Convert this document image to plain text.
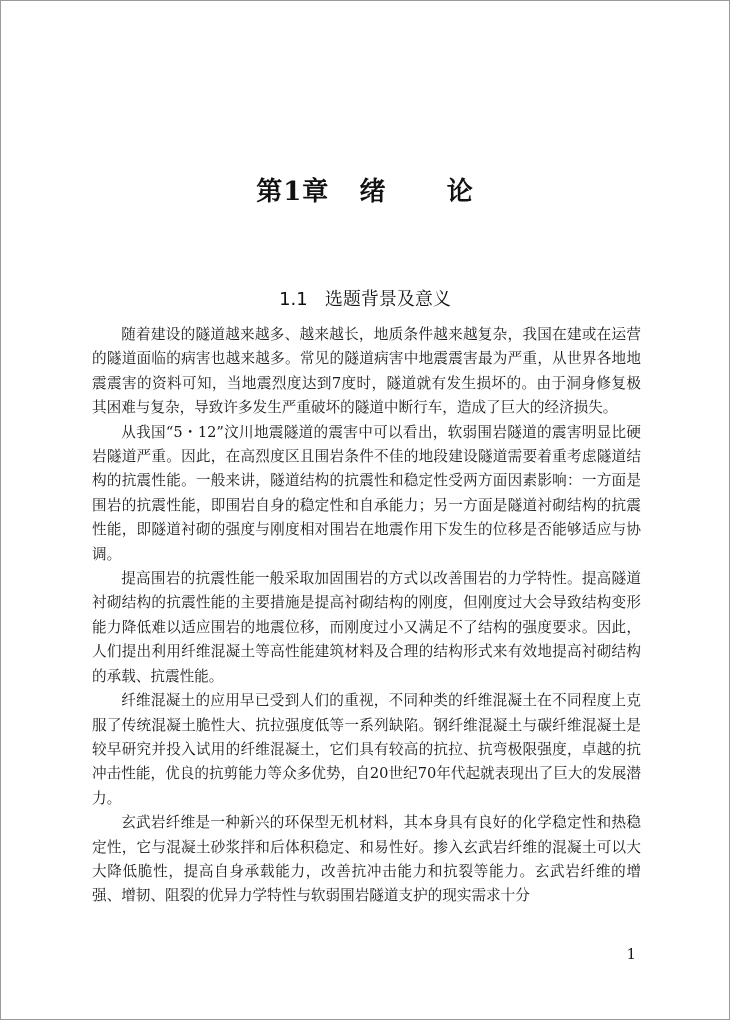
第1章   绪      论
1.1   选题背景及意义

随着建设的隧道越来越多、越来越长，地质条件越来越复杂，我国在建或在运营的隧道面临的病害也越来越多。常见的隧道病害中地震震害最为严重，从世界各地地震震害的资料可知，当地震烈度达到7度时，隧道就有发生损坏的。由于洞身修复极其困难与复杂，导致许多发生严重破坏的隧道中断行车，造成了巨大的经济损失。

从我国“5・12”汶川地震隧道的震害中可以看出，软弱围岩隧道的震害明显比硬岩隧道严重。因此，在高烈度区且围岩条件不佳的地段建设隧道需要着重考虑隧道结构的抗震性能。一般来讲，隧道结构的抗震性和稳定性受两方面因素影响：一方面是围岩的抗震性能，即围岩自身的稳定性和自承能力；另一方面是隧道衬砌结构的抗震性能，即隧道衬砌的强度与刚度相对围岩在地震作用下发生的位移是否能够适应与协调。

提高围岩的抗震性能一般采取加固围岩的方式以改善围岩的力学特性。提高隧道衬砌结构的抗震性能的主要措施是提高衬砌结构的刚度，但刚度过大会导致结构变形能力降低难以适应围岩的地震位移，而刚度过小又满足不了结构的强度要求。因此，人们提出利用纤维混凝土等高性能建筑材料及合理的结构形式来有效地提高衬砌结构的承载、抗震性能。

纤维混凝土的应用早已受到人们的重视，不同种类的纤维混凝土在不同程度上克服了传统混凝土脆性大、抗拉强度低等一系列缺陷。钢纤维混凝土与碳纤维混凝土是较早研究并投入试用的纤维混凝土，它们具有较高的抗拉、抗弯极限强度，卓越的抗冲击性能，优良的抗剪能力等众多优势，自20世纪70年代起就表现出了巨大的发展潜力。

玄武岩纤维是一种新兴的环保型无机材料，其本身具有良好的化学稳定性和热稳定性，它与混凝土砂浆拌和后体积稳定、和易性好。掺入玄武岩纤维的混凝土可以大大降低脆性，提高自身承载能力，改善抗冲击能力和抗裂等能力。玄武岩纤维的增强、增韧、阻裂的优异力学特性与软弱围岩隧道支护的现实需求十分

1
